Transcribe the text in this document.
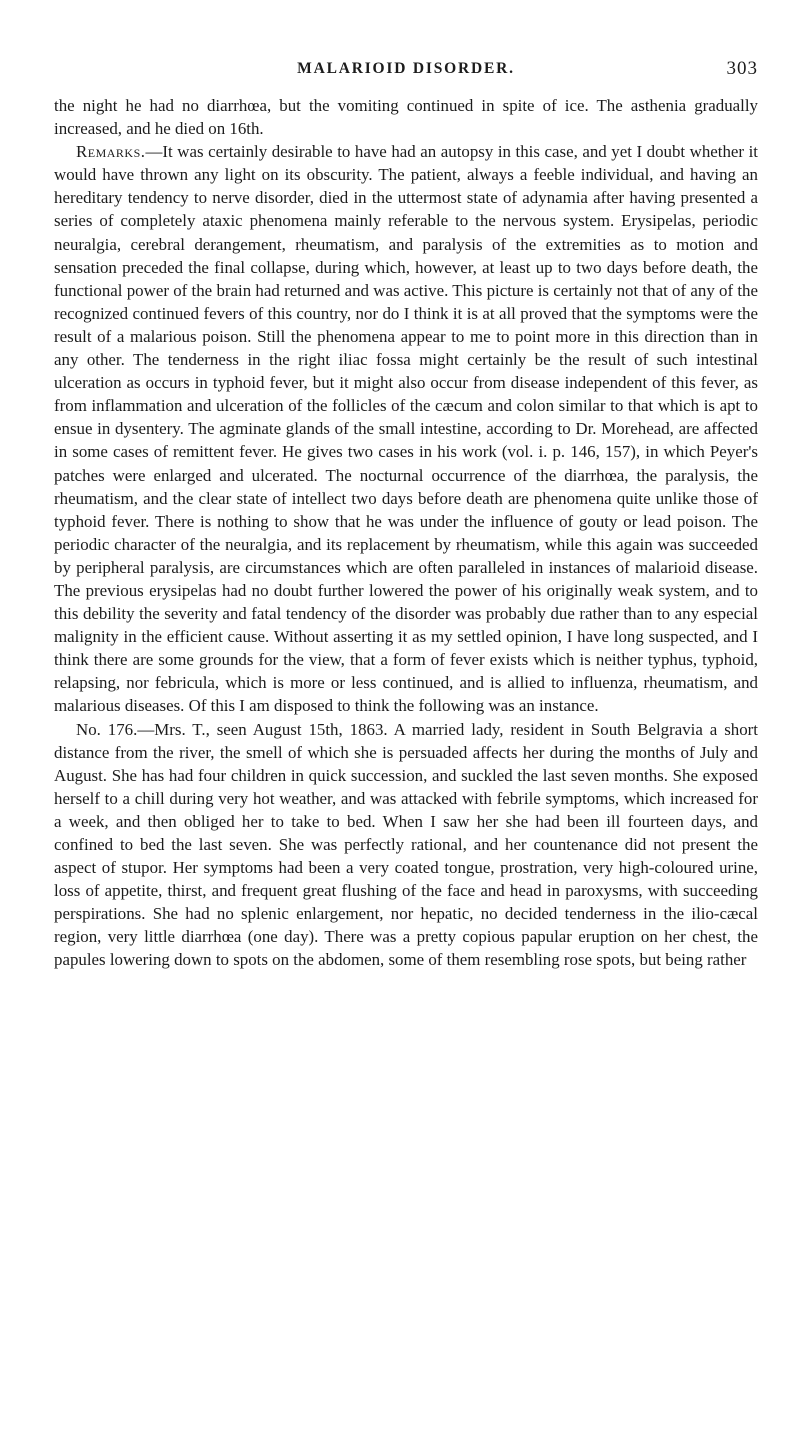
MALARIOID DISORDER.	303

the night he had no diarrhœa, but the vomiting continued in spite of ice. The asthenia gradually increased, and he died on 16th.

Remarks.—It was certainly desirable to have had an autopsy in this case, and yet I doubt whether it would have thrown any light on its obscurity. The patient, always a feeble individual, and having an hereditary tendency to nerve disorder, died in the uttermost state of adynamia after having presented a series of completely ataxic phenomena mainly referable to the nervous system. Erysipelas, periodic neuralgia, cerebral derangement, rheumatism, and paralysis of the extremities as to motion and sensation preceded the final collapse, during which, however, at least up to two days before death, the functional power of the brain had returned and was active. This picture is certainly not that of any of the recognized continued fevers of this country, nor do I think it is at all proved that the symptoms were the result of a malarious poison. Still the phenomena appear to me to point more in this direction than in any other. The tenderness in the right iliac fossa might certainly be the result of such intestinal ulceration as occurs in typhoid fever, but it might also occur from disease independent of this fever, as from inflammation and ulceration of the follicles of the cæcum and colon similar to that which is apt to ensue in dysentery. The agminate glands of the small intestine, according to Dr. Morehead, are affected in some cases of remittent fever. He gives two cases in his work (vol. i. p. 146, 157), in which Peyer's patches were enlarged and ulcerated. The nocturnal occurrence of the diarrhœa, the paralysis, the rheumatism, and the clear state of intellect two days before death are phenomena quite unlike those of typhoid fever. There is nothing to show that he was under the influence of gouty or lead poison. The periodic character of the neuralgia, and its replacement by rheumatism, while this again was succeeded by peripheral paralysis, are circumstances which are often paralleled in instances of malarioid disease. The previous erysipelas had no doubt further lowered the power of his originally weak system, and to this debility the severity and fatal tendency of the disorder was probably due rather than to any especial malignity in the efficient cause. Without asserting it as my settled opinion, I have long suspected, and I think there are some grounds for the view, that a form of fever exists which is neither typhus, typhoid, relapsing, nor febricula, which is more or less continued, and is allied to influenza, rheumatism, and malarious diseases. Of this I am disposed to think the following was an instance.

No. 176.—Mrs. T., seen August 15th, 1863. A married lady, resident in South Belgravia a short distance from the river, the smell of which she is persuaded affects her during the months of July and August. She has had four children in quick succession, and suckled the last seven months. She exposed herself to a chill during very hot weather, and was attacked with febrile symptoms, which increased for a week, and then obliged her to take to bed. When I saw her she had been ill fourteen days, and confined to bed the last seven. She was perfectly rational, and her countenance did not present the aspect of stupor. Her symptoms had been a very coated tongue, prostration, very high-coloured urine, loss of appetite, thirst, and frequent great flushing of the face and head in paroxysms, with succeeding perspirations. She had no splenic enlargement, nor hepatic, no decided tenderness in the ilio-cæcal region, very little diarrhœa (one day). There was a pretty copious papular eruption on her chest, the papules lowering down to spots on the abdomen, some of them resembling rose spots, but being rather
